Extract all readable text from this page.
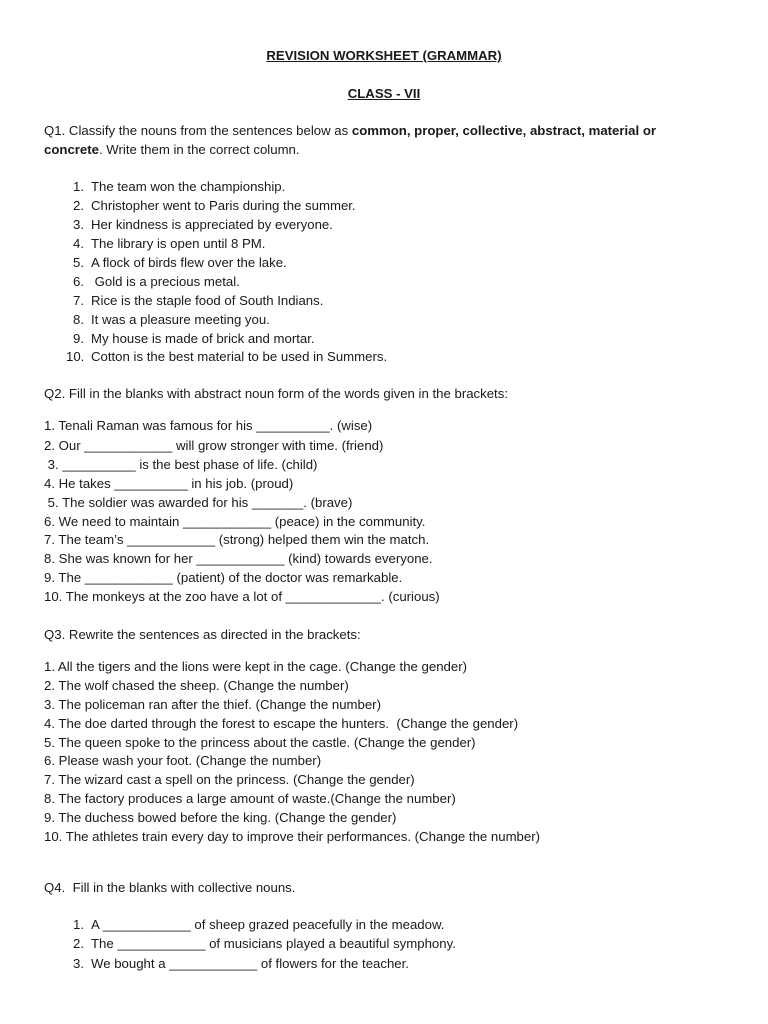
REVISION WORKSHEET (GRAMMAR)
CLASS - VII
Q1. Classify the nouns from the sentences below as common, proper, collective, abstract, material or
concrete. Write them in the correct column.
1. The team won the championship.
2. Christopher went to Paris during the summer.
3. Her kindness is appreciated by everyone.
4. The library is open until 8 PM.
5. A flock of birds flew over the lake.
6. Gold is a precious metal.
7. Rice is the staple food of South Indians.
8. It was a pleasure meeting you.
9. My house is made of brick and mortar.
10. Cotton is the best material to be used in Summers.
Q2. Fill in the blanks with abstract noun form of the words given in the brackets:
1. Tenali Raman was famous for his __________. (wise)
2. Our ____________ will grow stronger with time. (friend)
3. __________ is the best phase of life. (child)
4. He takes __________ in his job. (proud)
5. The soldier was awarded for his _______. (brave)
6. We need to maintain ____________ (peace) in the community.
7. The team’s ____________ (strong) helped them win the match.
8. She was known for her ____________ (kind) towards everyone.
9. The ____________ (patient) of the doctor was remarkable.
10. The monkeys at the zoo have a lot of _____________. (curious)
Q3. Rewrite the sentences as directed in the brackets:
1. All the tigers and the lions were kept in the cage. (Change the gender)
2. The wolf chased the sheep. (Change the number)
3. The policeman ran after the thief. (Change the number)
4. The doe darted through the forest to escape the hunters.  (Change the gender)
5. The queen spoke to the princess about the castle. (Change the gender)
6. Please wash your foot. (Change the number)
7. The wizard cast a spell on the princess. (Change the gender)
8. The factory produces a large amount of waste.(Change the number)
9. The duchess bowed before the king. (Change the gender)
10. The athletes train every day to improve their performances. (Change the number)
Q4.  Fill in the blanks with collective nouns.
1. A ____________ of sheep grazed peacefully in the meadow.
2. The ____________ of musicians played a beautiful symphony.
3. We bought a ____________ of flowers for the teacher.
